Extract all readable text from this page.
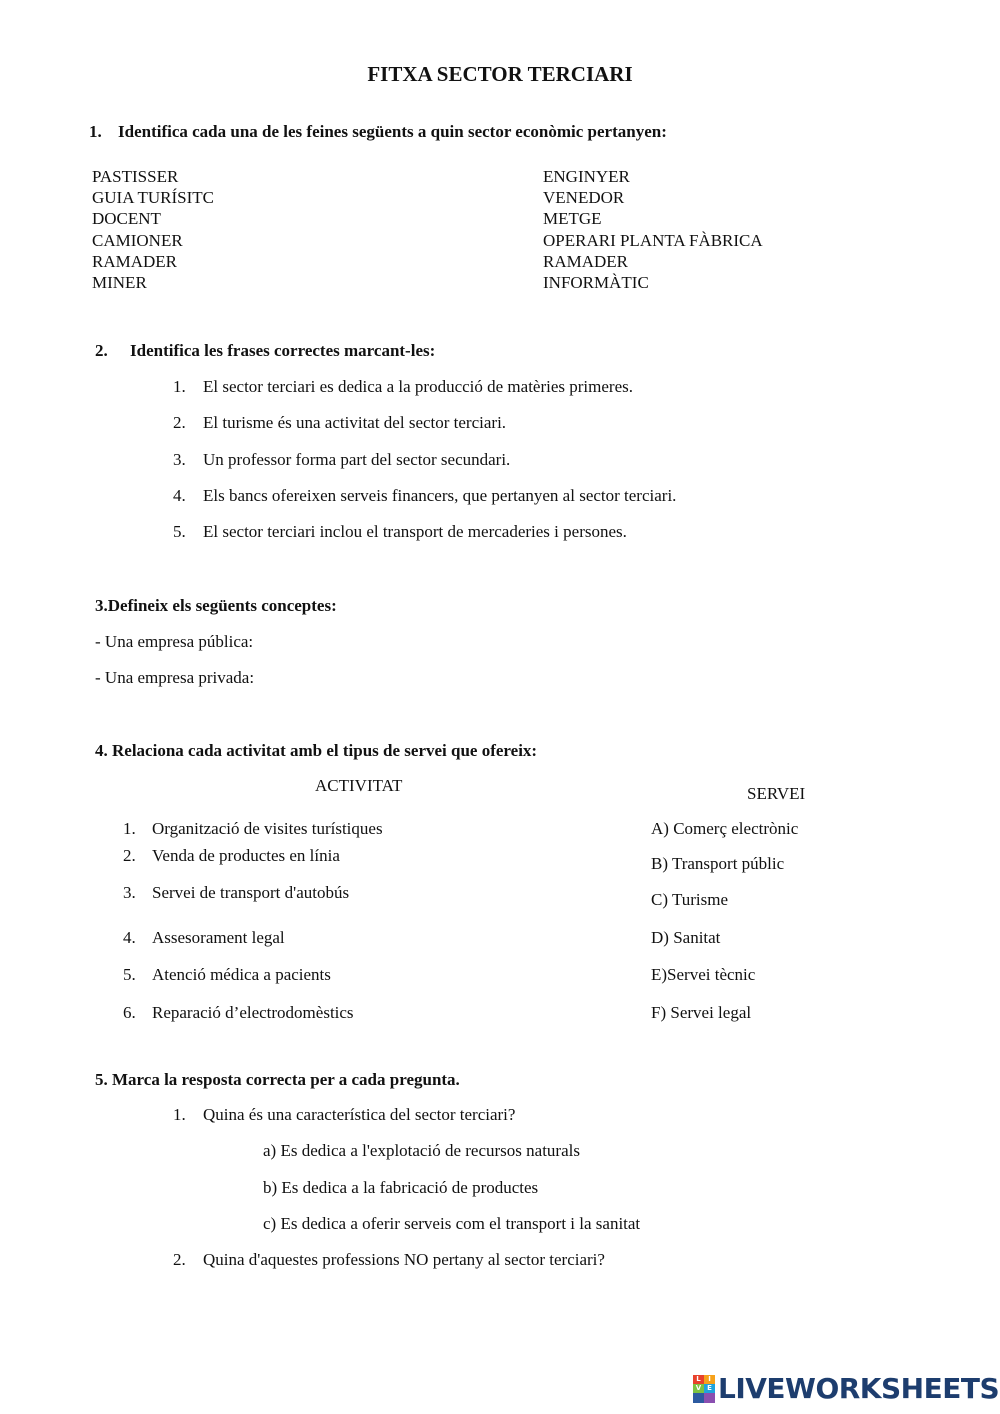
FITXA SECTOR TERCIARI
1. Identifica cada una de les feines següents a quin sector econòmic pertanyen:
PASTISSER
GUIA TURÍSITC
DOCENT
CAMIONER
RAMADER
MINER
ENGINYER
VENEDOR
METGE
OPERARI PLANTA FÀBRICA
RAMADER
INFORMÀTIC
2. Identifica les frases correctes marcant-les:
1. El sector terciari es dedica a la producció de matèries primeres.
2. El turisme és una activitat del sector terciari.
3. Un professor forma part del sector secundari.
4. Els bancs ofereixen serveis financers, que pertanyen al sector terciari.
5. El sector terciari inclou el transport de mercaderies i persones.
3.Defineix els següents conceptes:
- Una empresa pública:
- Una empresa privada:
4. Relaciona cada activitat amb el tipus de servei que ofereix:
ACTIVITAT	SERVEI
1. Organització de visites turístiques
2. Venda de productes en línia
3. Servei de transport d'autobús
4. Assesorament legal
5. Atenció médica a pacients
6. Reparació d’electrodomèstics
A) Comerç electrònic
B) Transport públic
C) Turisme
D) Sanitat
E)Servei tècnic
F) Servei legal
5. Marca la resposta correcta per a cada pregunta.
1. Quina és una característica del sector terciari?
a) Es dedica a l'explotació de recursos naturals
b) Es dedica a la fabricació de productes
c) Es dedica a oferir serveis com el transport i la sanitat
2. Quina d'aquestes professions NO pertany al sector terciari?
L	I
V E LIVEWORKSHEETS
